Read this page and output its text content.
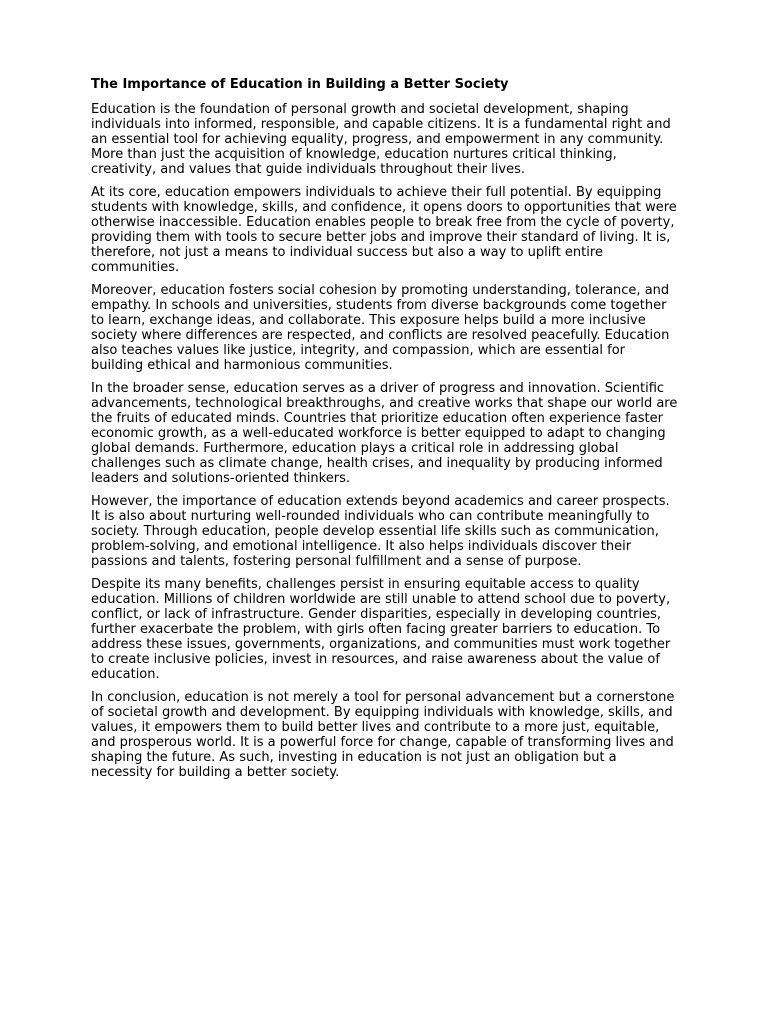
The Importance of Education in Building a Better Society

Education is the foundation of personal growth and societal development, shaping individuals into informed, responsible, and capable citizens. It is a fundamental right and an essential tool for achieving equality, progress, and empowerment in any community. More than just the acquisition of knowledge, education nurtures critical thinking, creativity, and values that guide individuals throughout their lives.

At its core, education empowers individuals to achieve their full potential. By equipping students with knowledge, skills, and confidence, it opens doors to opportunities that were otherwise inaccessible. Education enables people to break free from the cycle of poverty, providing them with tools to secure better jobs and improve their standard of living. It is, therefore, not just a means to individual success but also a way to uplift entire communities.

Moreover, education fosters social cohesion by promoting understanding, tolerance, and empathy. In schools and universities, students from diverse backgrounds come together to learn, exchange ideas, and collaborate. This exposure helps build a more inclusive society where differences are respected, and conflicts are resolved peacefully. Education also teaches values like justice, integrity, and compassion, which are essential for building ethical and harmonious communities.

In the broader sense, education serves as a driver of progress and innovation. Scientific advancements, technological breakthroughs, and creative works that shape our world are the fruits of educated minds. Countries that prioritize education often experience faster economic growth, as a well-educated workforce is better equipped to adapt to changing global demands. Furthermore, education plays a critical role in addressing global challenges such as climate change, health crises, and inequality by producing informed leaders and solutions-oriented thinkers.

However, the importance of education extends beyond academics and career prospects. It is also about nurturing well-rounded individuals who can contribute meaningfully to society. Through education, people develop essential life skills such as communication, problem-solving, and emotional intelligence. It also helps individuals discover their passions and talents, fostering personal fulfillment and a sense of purpose.

Despite its many benefits, challenges persist in ensuring equitable access to quality education. Millions of children worldwide are still unable to attend school due to poverty, conflict, or lack of infrastructure. Gender disparities, especially in developing countries, further exacerbate the problem, with girls often facing greater barriers to education. To address these issues, governments, organizations, and communities must work together to create inclusive policies, invest in resources, and raise awareness about the value of education.

In conclusion, education is not merely a tool for personal advancement but a cornerstone of societal growth and development. By equipping individuals with knowledge, skills, and values, it empowers them to build better lives and contribute to a more just, equitable, and prosperous world. It is a powerful force for change, capable of transforming lives and shaping the future. As such, investing in education is not just an obligation but a necessity for building a better society.
